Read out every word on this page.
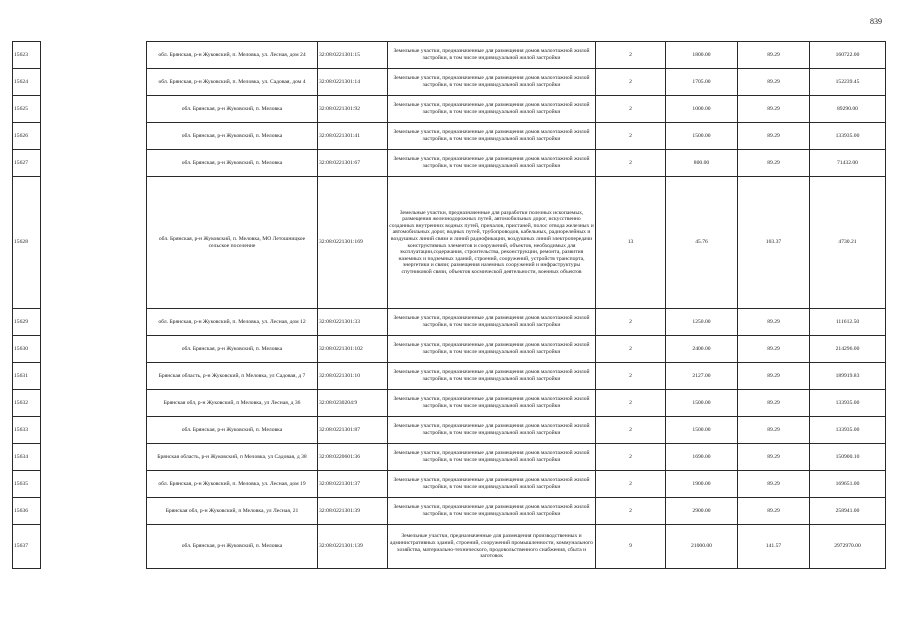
839
15623		обл. Брянская, р-н Жуковский, п. Меловка, ул. Лесная, дом 24	32:08:0221301:15	Земельные участки, предназначенные для размещения домов малоэтажной жилой застройки, в том числе индивидуальной жилой застройки	2	1800.00	89.29	160722.00
15624		обл. Брянская, р-н Жуковский, п. Меловка, ул. Садовая, дом 4	32:08:0221301:14	Земельные участки, предназначенные для размещения домов малоэтажной жилой застройки, в том числе индивидуальной жилой застройки	2	1705.00	89.29	152239.45
15625		обл. Брянская, р-н Жуковский, п. Меловка	32:08:0221301:92	Земельные участки, предназначенные для размещения домов малоэтажной жилой застройки, в том числе индивидуальной жилой застройки	2	1000.00	89.29	89290.00
15626		обл. Брянская, р-н Жуковский, п. Меловка	32:08:0221301:41	Земельные участки, предназначенные для размещения домов малоэтажной жилой застройки, в том числе индивидуальной жилой застройки	2	1500.00	89.29	133935.00
15627		обл. Брянская, р-н Жуковский, п. Меловка	32:08:0221301:67	Земельные участки, предназначенные для размещения домов малоэтажной жилой застройки, в том числе индивидуальной жилой застройки	2	800.00	89.29	71432.00
15628		обл. Брянская, р-н Жуковский, п. Меловка, МО Летошницкое сельское поселение	32:08:0221301:169	Земельные участки, предназначенные для разработки полезных ископаемых, размещения железнодорожных путей, автомобильных дорог, искусственно созданных внутренних водных путей, причалов, пристаней, полос отвода железных и автомобильных дорог, водных путей, трубопроводов, кабельных, радиорелейных и воздушных линий связи и линий радиофикации, воздушных линий электропередачи конструктивных элементов и сооружений, объектов, необходимых для эксплуатации,содержания, строительства, реконструкции, ремонта, развития наземных и подземных зданий, строений, сооружений, устройств транспорта, энергетики и связи; размещения наземных сооружений и инфраструктуры спутниковой связи, объектов космической деятельности, военных объектов	13	45.76	103.37	4730.21
15629		обл. Брянская, р-н Жуковский, п. Меловка, ул. Лесная, дом 12	32:08:0221301:33	Земельные участки, предназначенные для размещения домов малоэтажной жилой застройки, в том числе индивидуальной жилой застройки	2	1250.00	89.29	111612.50
15630		обл. Брянская, р-н Жуковский, п. Меловка	32:08:0221301:102	Земельные участки, предназначенные для размещения домов малоэтажной жилой застройки, в том числе индивидуальной жилой застройки	2	2400.00	89.29	214296.00
15631		Брянская область, р-н Жуковский, п Меловка, ул Садовая, д 7	32:08:0221301:10	Земельные участки, предназначенные для размещения домов малоэтажной жилой застройки, в том числе индивидуальной жилой застройки	2	2127.00	89.29	189919.83
15632		Брянская обл, р-н Жуковский, п Меловка, ул Лесная, д 36	32:08:0230204:9	Земельные участки, предназначенные для размещения домов малоэтажной жилой застройки, в том числе индивидуальной жилой застройки	2	1500.00	89.29	133935.00
15633		обл. Брянская, р-н Жуковский, п. Меловка	32:08:0221301:87	Земельные участки, предназначенные для размещения домов малоэтажной жилой застройки, в том числе индивидуальной жилой застройки	2	1500.00	89.29	133935.00
15634		Брянская область, р-н Жуковский, п Меловка, ул Садовая, д 38	32:08:0220601:36	Земельные участки, предназначенные для размещения домов малоэтажной жилой застройки, в том числе индивидуальной жилой застройки	2	1690.00	89.29	150900.10
15635		обл. Брянская, р-н Жуковский, п. Меловка, ул. Лесная, дом 19	32:08:0221301:37	Земельные участки, предназначенные для размещения домов малоэтажной жилой застройки, в том числе индивидуальной жилой застройки	2	1900.00	89.29	169651.00
15636		Брянская обл, р-н Жуковский, п Меловка, ул Лесная, 21	32:08:0221301:39	Земельные участки, предназначенные для размещения домов малоэтажной жилой застройки, в том числе индивидуальной жилой застройки	2	2900.00	89.29	258941.00
15637		обл. Брянская, р-н Жуковский, п. Меловка	32:08:0221301:139	Земельные участки, предназначенные для размещения производственных и административных зданий, строений, сооружений промышленности, коммунального хозяйства, материально-технического, продовольственного снабжения, сбыта и заготовок	9	21000.00	141.57	2972970.00
